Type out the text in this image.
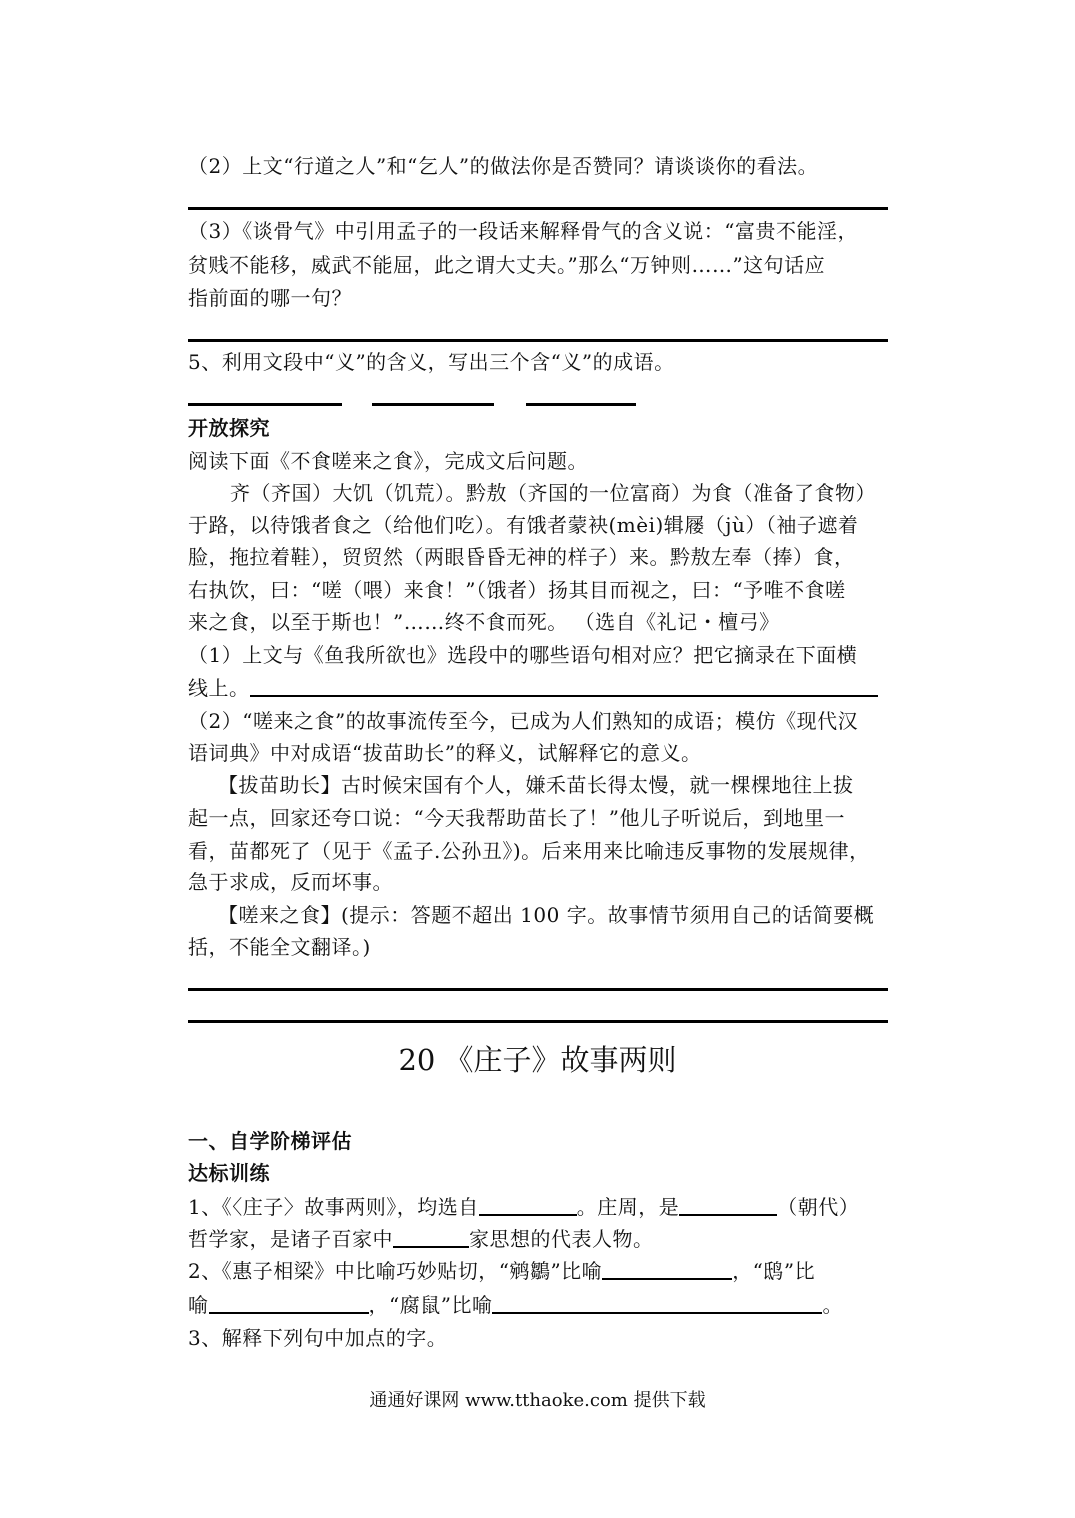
（2）上文“行道之人”和“乞人”的做法你是否赞同？请谈谈你的看法。
（3）《谈骨气》中引用孟子的一段话来解释骨气的含义说：“富贵不能淫，
贫贱不能移，威武不能屈，此之谓大丈夫。”那么“万钟则……”这句话应
指前面的哪一句？
5、利用文段中“义”的含义，写出三个含“义”的成语。
开放探究
阅读下面《不食嗟来之食》，完成文后问题。
齐（齐国）大饥（饥荒）。黔敖（齐国的一位富商）为食（准备了食物）
于路，以待饿者食之（给他们吃）。有饿者蒙袂(mèi)辑屦（jù）（袖子遮着
脸，拖拉着鞋），贸贸然（两眼昏昏无神的样子）来。黔敖左奉（捧）食，
右执饮，曰：“嗟（喂）来食！”（饿者）扬其目而视之，曰：“予唯不食嗟
来之食，以至于斯也！”……终不食而死。 （选自《礼记・檀弓》
（1）上文与《鱼我所欲也》选段中的哪些语句相对应？把它摘录在下面横
线上。
（2）“嗟来之食”的故事流传至今，已成为人们熟知的成语；模仿《现代汉
语词典》中对成语“拔苗助长”的释义，试解释它的意义。
【拔苗助长】古时候宋国有个人，嫌禾苗长得太慢，就一棵棵地往上拔
起一点，回家还夸口说：“今天我帮助苗长了！”他儿子听说后，到地里一
看，苗都死了（见于《孟子.公孙丑》)。后来用来比喻违反事物的发展规律，
急于求成，反而坏事。
【嗟来之食】(提示：答题不超出 100 字。故事情节须用自己的话简要概
括，不能全文翻译。)
20 《庄子》故事两则
一、自学阶梯评估
达标训练
1、《〈庄子〉故事两则》，均选自	。庄周，是	（朝代）
哲学家，是诸子百家中	家思想的代表人物。
2、《惠子相梁》中比喻巧妙贴切，“鹓鶵”比喻	，“鸱”比
喻	，“腐鼠”比喻	。
3、解释下列句中加点的字。
通通好课网 www.tthaoke.com 提供下载
